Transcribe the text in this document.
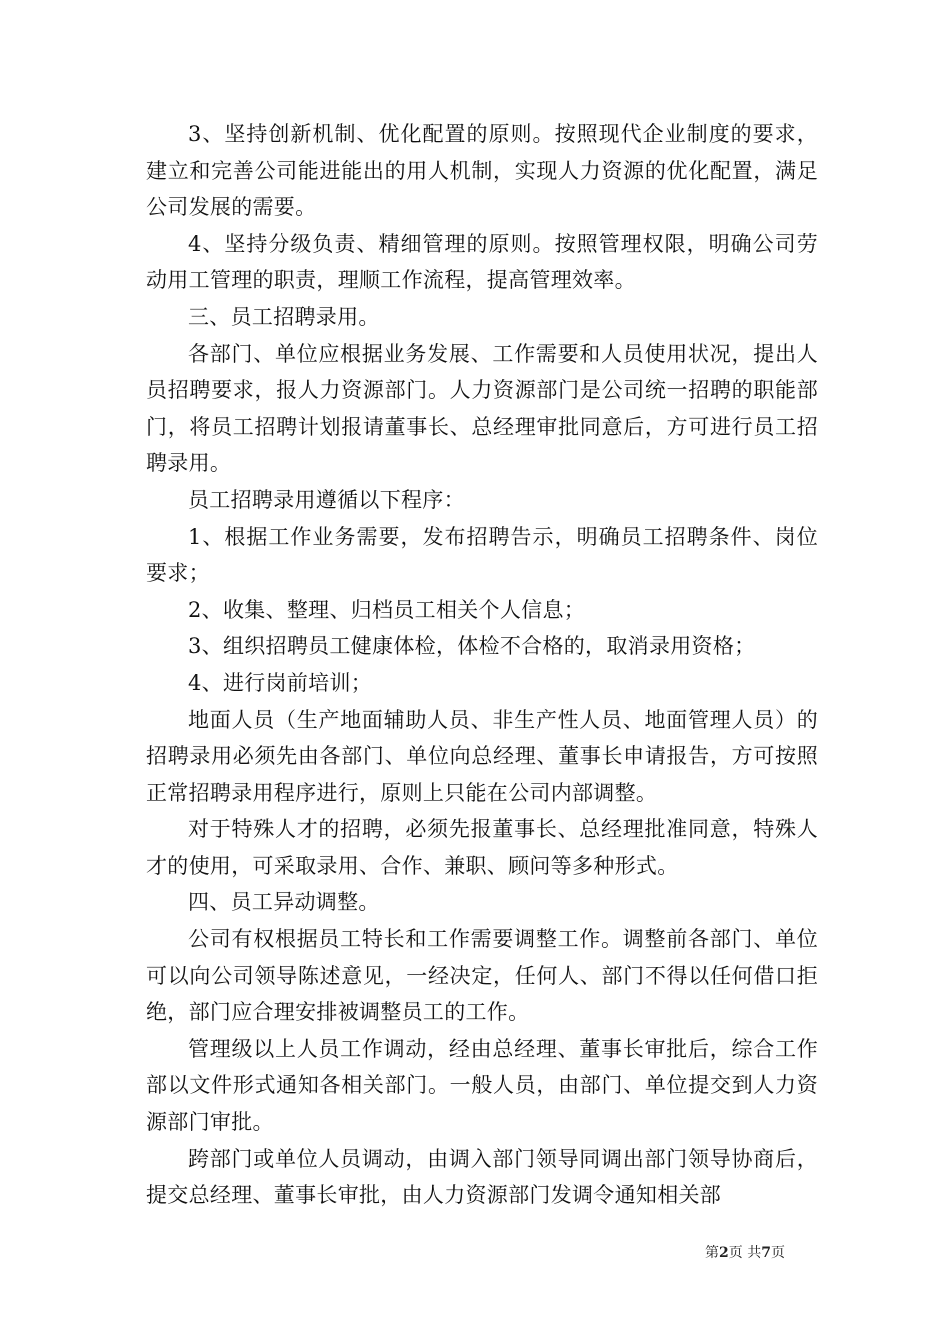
3、坚持创新机制、优化配置的原则。按照现代企业制度的要求，建立和完善公司能进能出的用人机制，实现人力资源的优化配置，满足公司发展的需要。

4、坚持分级负责、精细管理的原则。按照管理权限，明确公司劳动用工管理的职责，理顺工作流程，提高管理效率。

三、员工招聘录用。

各部门、单位应根据业务发展、工作需要和人员使用状况，提出人员招聘要求，报人力资源部门。人力资源部门是公司统一招聘的职能部门，将员工招聘计划报请董事长、总经理审批同意后，方可进行员工招聘录用。

员工招聘录用遵循以下程序：

1、根据工作业务需要，发布招聘告示，明确员工招聘条件、岗位要求；

2、收集、整理、归档员工相关个人信息；

3、组织招聘员工健康体检，体检不合格的，取消录用资格；

4、进行岗前培训；

地面人员（生产地面辅助人员、非生产性人员、地面管理人员）的招聘录用必须先由各部门、单位向总经理、董事长申请报告，方可按照正常招聘录用程序进行，原则上只能在公司内部调整。

对于特殊人才的招聘，必须先报董事长、总经理批准同意，特殊人才的使用，可采取录用、合作、兼职、顾问等多种形式。

四、员工异动调整。

公司有权根据员工特长和工作需要调整工作。调整前各部门、单位可以向公司领导陈述意见，一经决定，任何人、部门不得以任何借口拒绝，部门应合理安排被调整员工的工作。

管理级以上人员工作调动，经由总经理、董事长审批后，综合工作部以文件形式通知各相关部门。一般人员，由部门、单位提交到人力资源部门审批。

跨部门或单位人员调动，由调入部门领导同调出部门领导协商后，提交总经理、董事长审批，由人力资源部门发调令通知相关部

第2页 共7页
